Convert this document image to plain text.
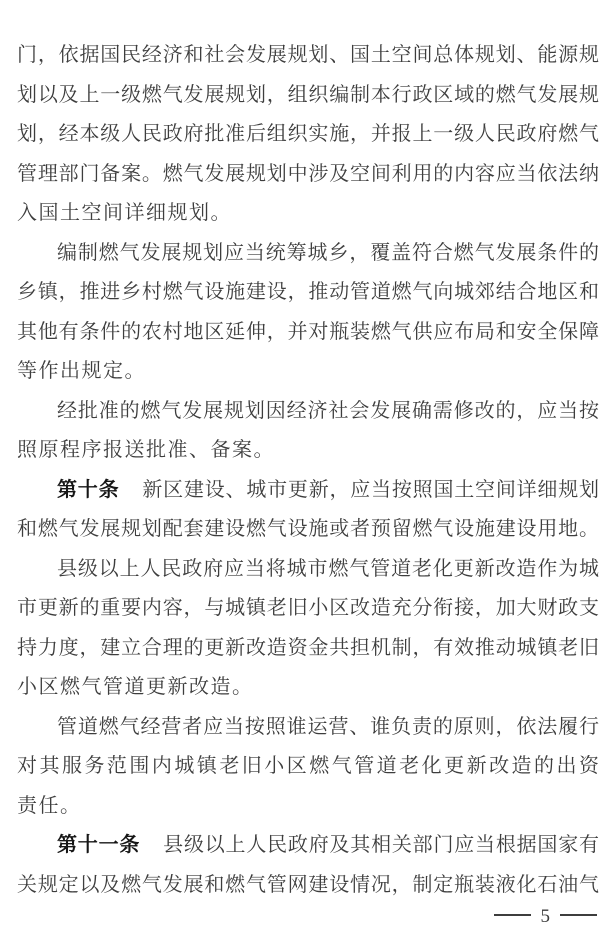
门，依据国民经济和社会发展规划、国土空间总体规划、能源规
划以及上一级燃气发展规划，组织编制本行政区域的燃气发展规
划，经本级人民政府批准后组织实施，并报上一级人民政府燃气
管理部门备案。燃气发展规划中涉及空间利用的内容应当依法纳
入国土空间详细规划。
编制燃气发展规划应当统筹城乡，覆盖符合燃气发展条件的
乡镇，推进乡村燃气设施建设，推动管道燃气向城郊结合地区和
其他有条件的农村地区延伸，并对瓶装燃气供应布局和安全保障
等作出规定。
经批准的燃气发展规划因经济社会发展确需修改的，应当按
照原程序报送批准、备案。
第十条 新区建设、城市更新，应当按照国土空间详细规划
和燃气发展规划配套建设燃气设施或者预留燃气设施建设用地。
县级以上人民政府应当将城市燃气管道老化更新改造作为城
市更新的重要内容，与城镇老旧小区改造充分衔接，加大财政支
持力度，建立合理的更新改造资金共担机制，有效推动城镇老旧
小区燃气管道更新改造。
管道燃气经营者应当按照谁运营、谁负责的原则，依法履行
对其服务范围内城镇老旧小区燃气管道老化更新改造的出资
责任。
第十一条 县级以上人民政府及其相关部门应当根据国家有
关规定以及燃气发展和燃气管网建设情况，制定瓶装液化石油气
5
